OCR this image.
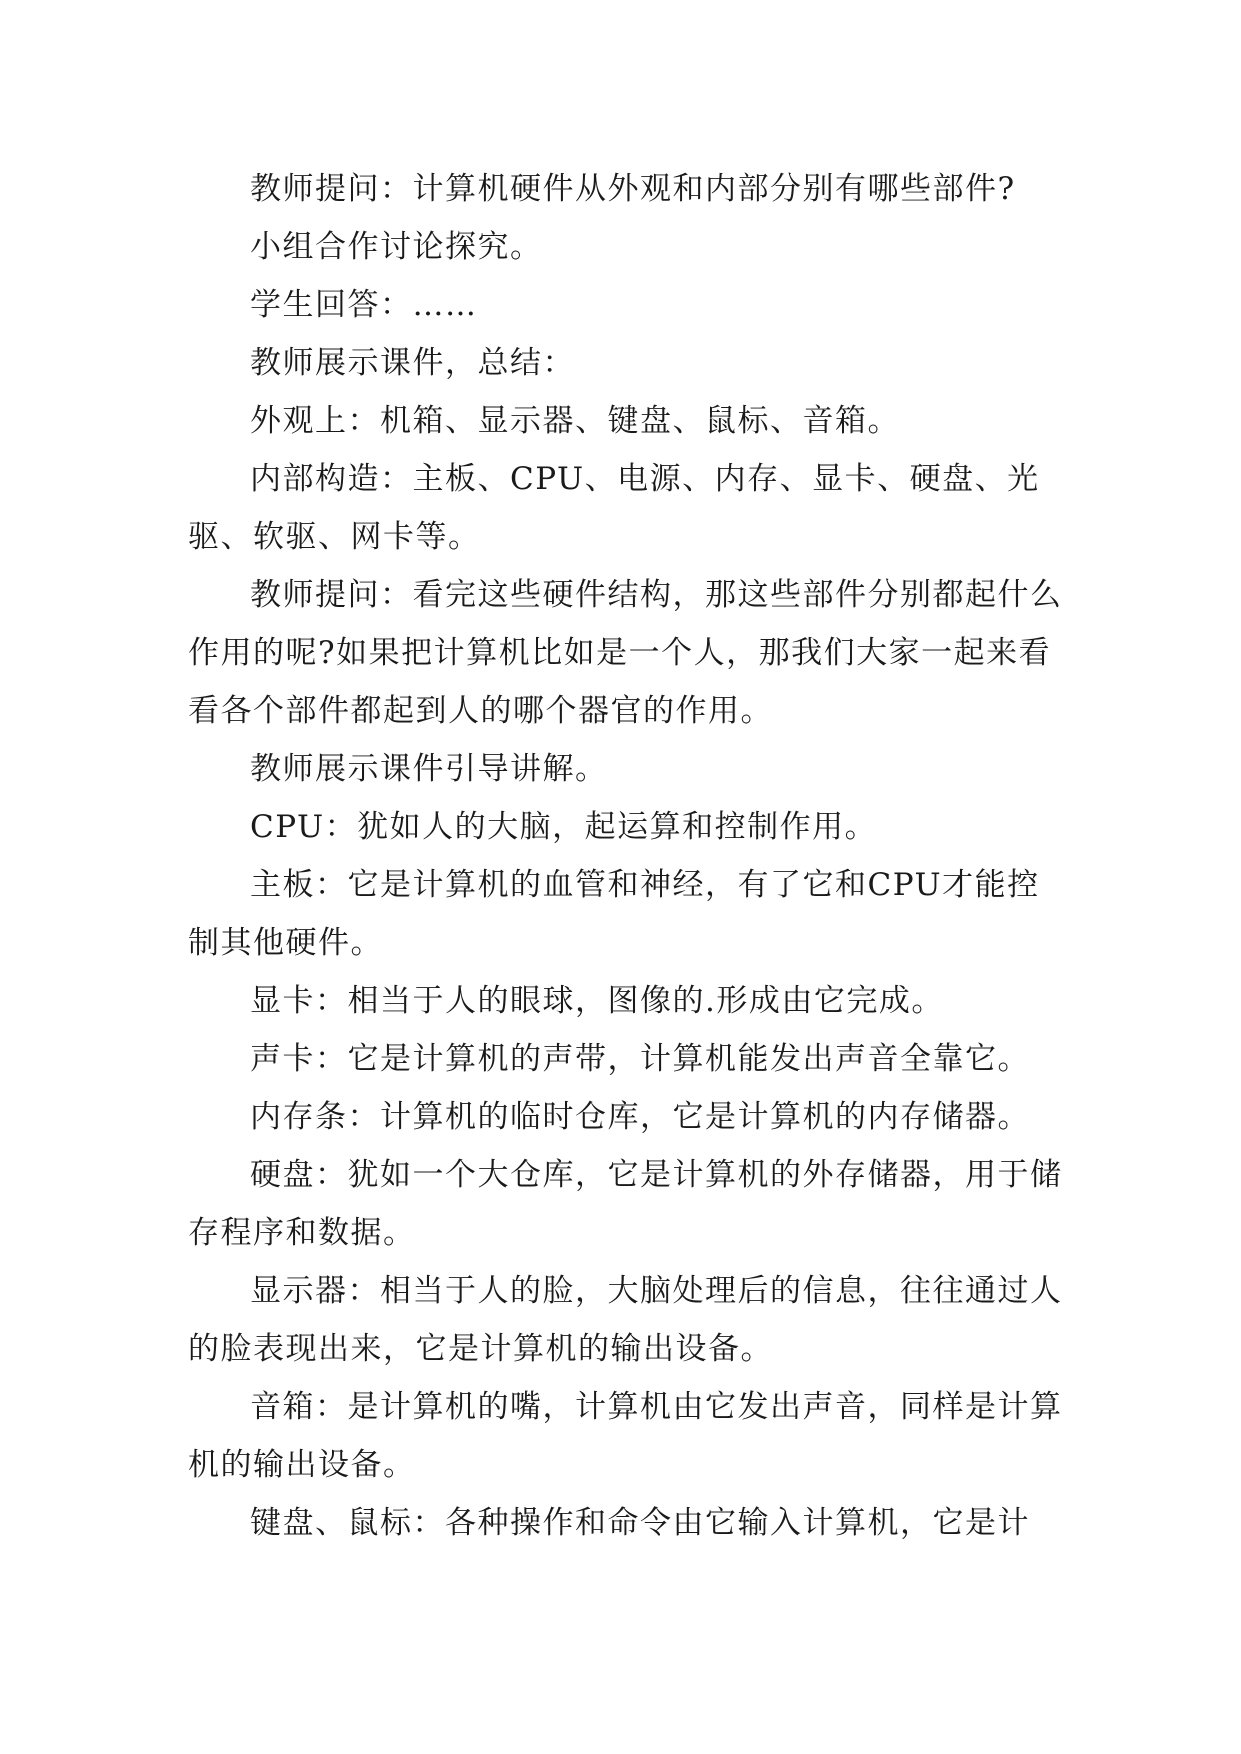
教师提问：计算机硬件从外观和内部分别有哪些部件?

小组合作讨论探究。

学生回答：……

教师展示课件，总结：

外观上：机箱、显示器、键盘、鼠标、音箱。

内部构造：主板、CPU、电源、内存、显卡、硬盘、光驱、软驱、网卡等。

教师提问：看完这些硬件结构，那这些部件分别都起什么作用的呢?如果把计算机比如是一个人，那我们大家一起来看看各个部件都起到人的哪个器官的作用。

教师展示课件引导讲解。

CPU：犹如人的大脑，起运算和控制作用。

主板：它是计算机的血管和神经，有了它和CPU才能控制其他硬件。

显卡：相当于人的眼球，图像的.形成由它完成。

声卡：它是计算机的声带，计算机能发出声音全靠它。

内存条：计算机的临时仓库，它是计算机的内存储器。

硬盘：犹如一个大仓库，它是计算机的外存储器，用于储存程序和数据。

显示器：相当于人的脸，大脑处理后的信息，往往通过人的脸表现出来，它是计算机的输出设备。

音箱：是计算机的嘴，计算机由它发出声音，同样是计算机的输出设备。

键盘、鼠标：各种操作和命令由它输入计算机，它是计
